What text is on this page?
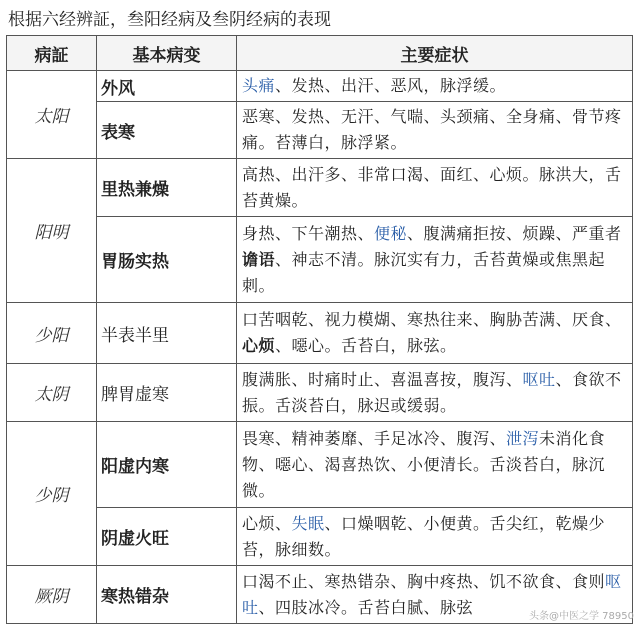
根据六经辨証，叁阳经病及叁阴经病的表现
病証	基本病变	主要症状
太阳	外风	头痛、发热、出汗、恶风，脉浮缓。
	表寒	恶寒、发热、无汗、气喘、头颈痛、全身痛、骨节疼痛。苔薄白，脉浮紧。
阳明	里热兼燥	高热、出汗多、非常口渴、面红、心烦。脉洪大，舌苔黄燥。
	胃肠实热	身热、下午潮热、便秘、腹满痛拒按、烦躁、严重者谵语、神志不清。脉沉实有力，舌苔黄燥或焦黑起刺。
少阳	半表半里	口苦咽乾、视力模煳、寒热往来、胸胁苦满、厌食、心烦、噁心。舌苔白，脉弦。
太阴	脾胃虚寒	腹满胀、时痛时止、喜温喜按，腹泻、呕吐、食欲不振。舌淡苔白，脉迟或缓弱。
少阴	阳虚内寒	畏寒、精神萎靡、手足冰冷、腹泻、泄泻未消化食物、噁心、渴喜热饮、小便清长。舌淡苔白，脉沉微。
	阴虚火旺	心烦、失眠、口燥咽乾、小便黄。舌尖红，乾燥少苔，脉细数。
厥阴	寒热错杂	口渴不止、寒热错杂、胸中疼热、饥不欲食、食则呕吐、四肢冰冷。舌苔白腻、脉弦	头条@中医之学 78950
